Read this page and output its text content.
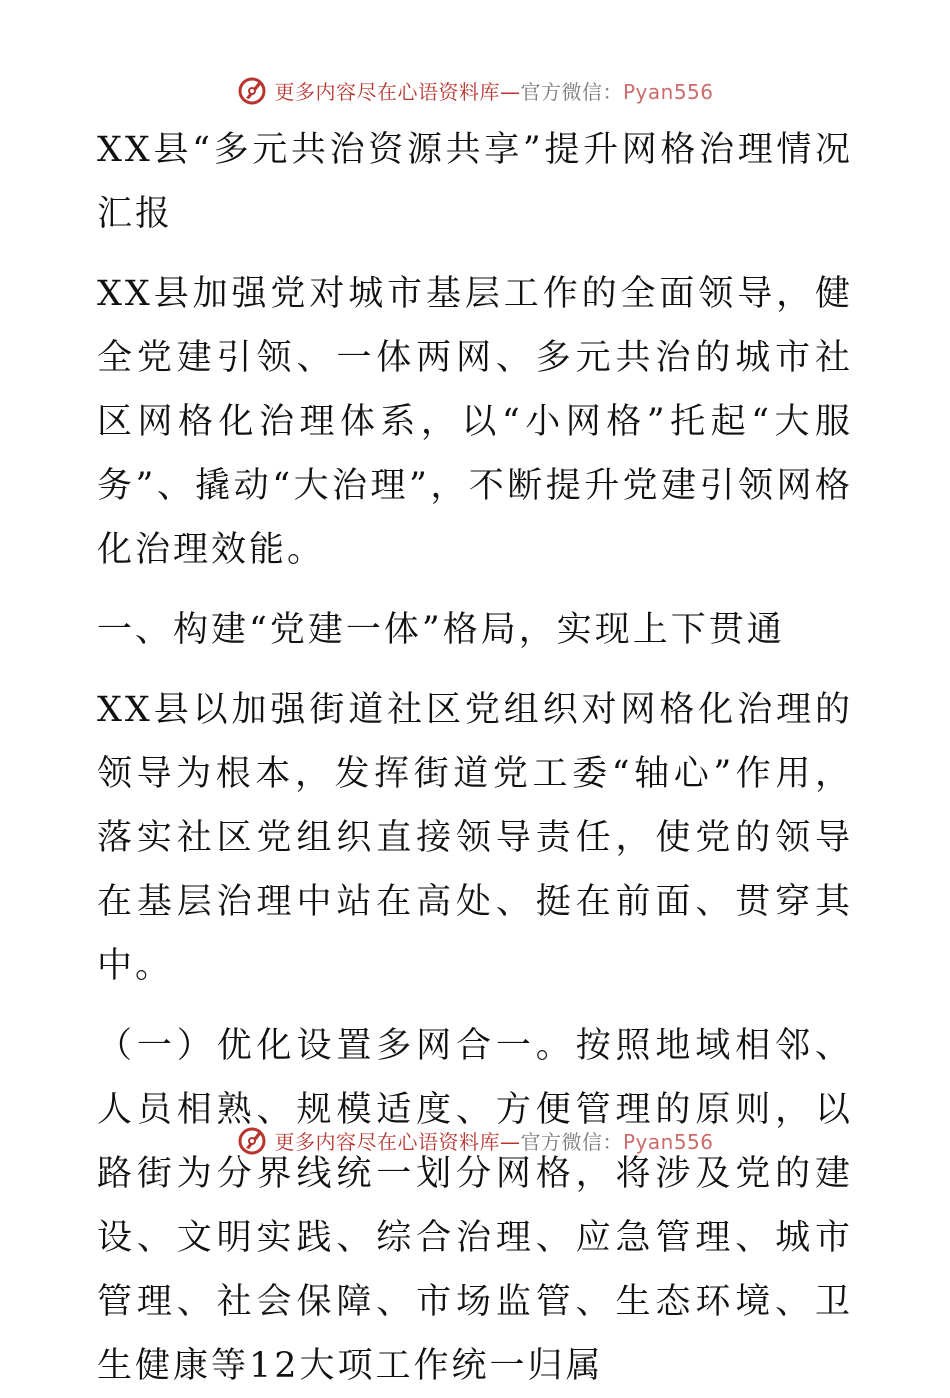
更多内容尽在心语资料库—官方微信：Pyan556

XX县“多元共治资源共享”提升网格治理情况汇报

XX县加强党对城市基层工作的全面领导，健全党建引领、一体两网、多元共治的城市社区网格化治理体系，以“小网格”托起“大服务”、撬动“大治理”，不断提升党建引领网格化治理效能。

一、构建“党建一体”格局，实现上下贯通

XX县以加强街道社区党组织对网格化治理的领导为根本，发挥街道党工委“轴心”作用，落实社区党组织直接领导责任，使党的领导在基层治理中站在高处、挺在前面、贯穿其中。

（一）优化设置多网合一。按照地域相邻、人员相熟、规模适度、方便管理的原则，以路街为分界线统一划分网格，将涉及党的建设、文明实践、综合治理、应急管理、城市管理、社会保障、市场监管、生态环境、卫生健康等12大项工作统一归属

更多内容尽在心语资料库—官方微信：Pyan556
